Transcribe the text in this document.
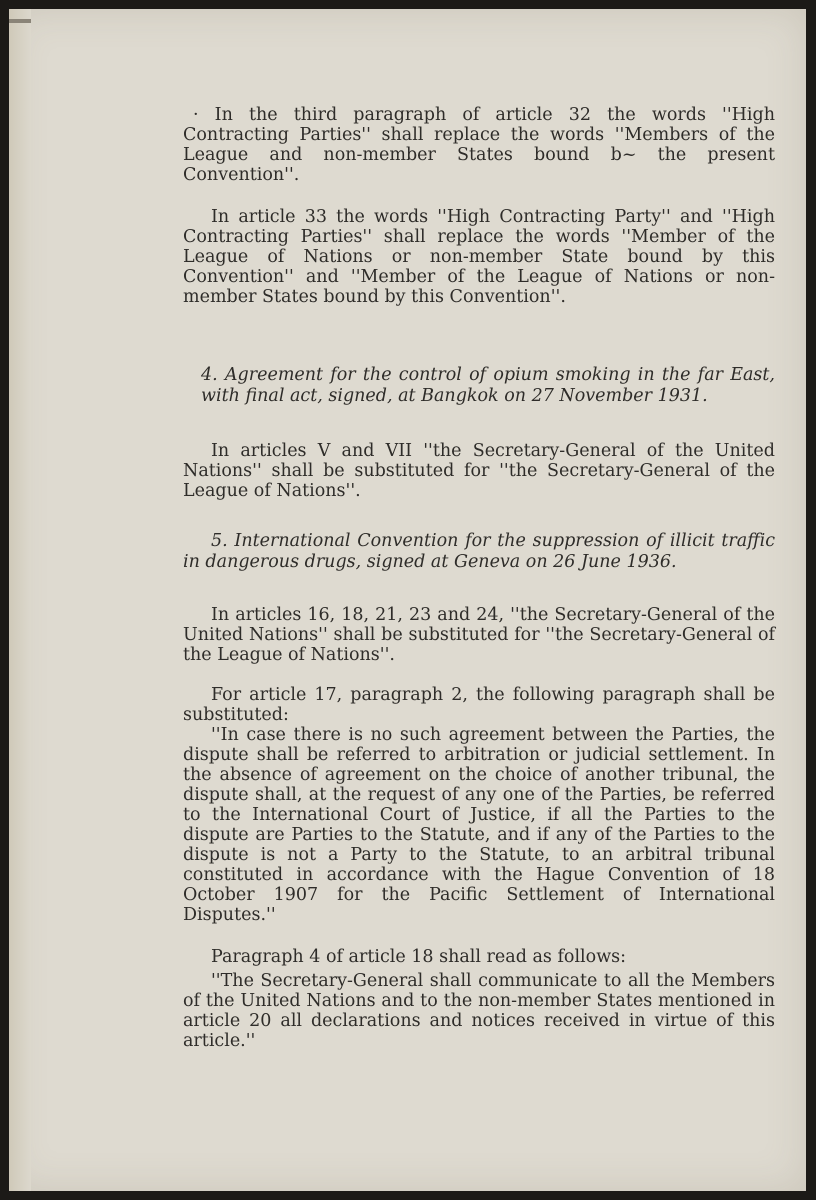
· In the third paragraph of article 32 the words ''High Contracting Parties'' shall replace the words ''Members of the League and non-member States bound b~ the present Convention''.

In article 33 the words ''High Contracting Party'' and ''High Contracting Parties'' shall replace the words ''Member of the League of Nations or non-member State bound by this Convention'' and ''Member of the League of Nations or non-member States bound by this Convention''.

4. Agreement for the control of opium smoking in the far East, with final act, signed, at Bangkok on 27 November 1931.

In articles V and VII ''the Secretary-General of the United Nations'' shall be substituted for ''the Secretary-General of the League of Nations''.

5. International Convention for the suppression of illicit traffic in dangerous drugs, signed at Geneva on 26 June 1936.

In articles 16, 18, 21, 23 and 24, ''the Secretary-General of the United Nations'' shall be substituted for ''the Secretary-General of the League of Nations''.

For article 17, paragraph 2, the following paragraph shall be substituted:

''In case there is no such agreement between the Parties, the dispute shall be referred to arbitration or judicial settlement. In the absence of agreement on the choice of another tribunal, the dispute shall, at the request of any one of the Parties, be referred to the International Court of Justice, if all the Parties to the dispute are Parties to the Statute, and if any of the Parties to the dispute is not a Party to the Statute, to an arbitral tribunal constituted in accordance with the Hague Convention of 18 October 1907 for the Pacific Settlement of International Disputes.''

Paragraph 4 of article 18 shall read as follows:

''The Secretary-General shall communicate to all the Members of the United Nations and to the non-member States mentioned in article 20 all declarations and notices received in virtue of this article.''
